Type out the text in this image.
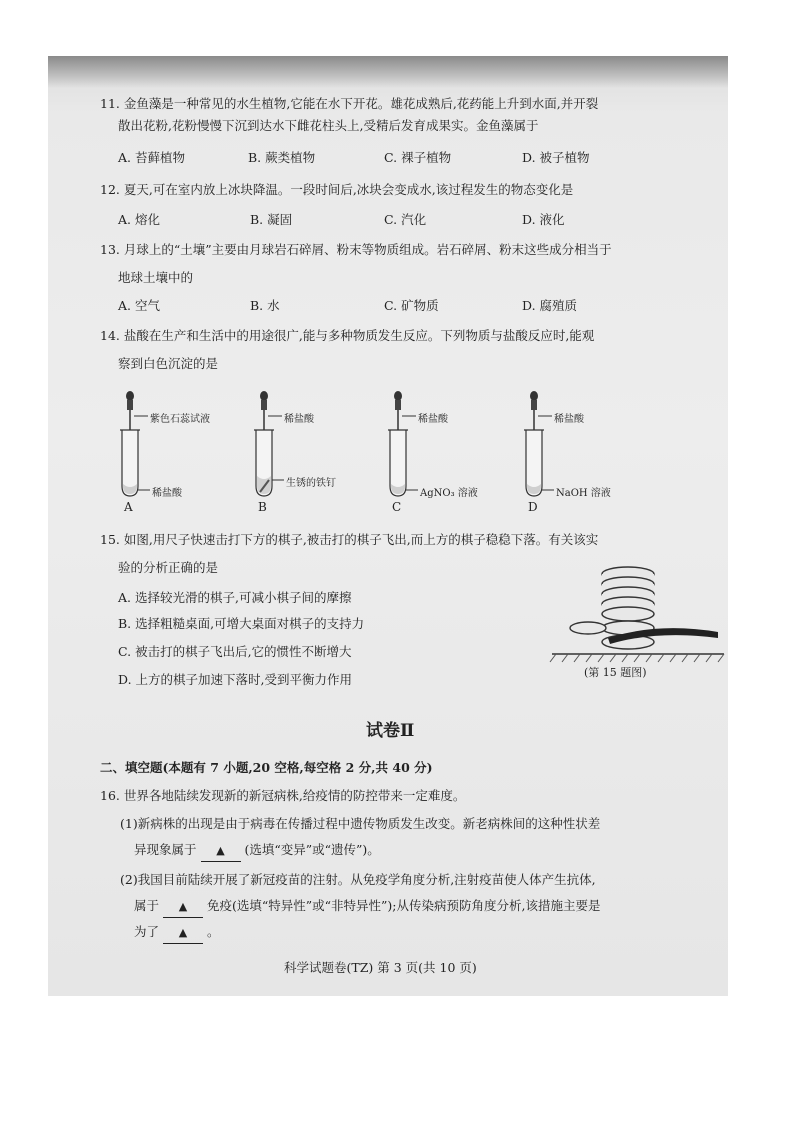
11. 金鱼藻是一种常见的水生植物,它能在水下开花。雄花成熟后,花药能上升到水面,并开裂
散出花粉,花粉慢慢下沉到达水下雌花柱头上,受精后发育成果实。金鱼藻属于
A. 苔藓植物	B. 蕨类植物	C. 裸子植物	D. 被子植物
12. 夏天,可在室内放上冰块降温。一段时间后,冰块会变成水,该过程发生的物态变化是
A. 熔化	B. 凝固	C. 汽化	D. 液化
13. 月球上的“土壤”主要由月球岩石碎屑、粉末等物质组成。岩石碎屑、粉末这些成分相当于
地球土壤中的
A. 空气	B. 水	C. 矿物质	D. 腐殖质
14. 盐酸在生产和生活中的用途很广,能与多种物质发生反应。下列物质与盐酸反应时,能观
察到白色沉淀的是
紫色石蕊试液
稀盐酸
A
稀盐酸
生锈的铁钉
B
稀盐酸
AgNO₃ 溶液
C
稀盐酸
NaOH 溶液
D
15. 如图,用尺子快速击打下方的棋子,被击打的棋子飞出,而上方的棋子稳稳下落。有关该实
验的分析正确的是
A. 选择较光滑的棋子,可减小棋子间的摩擦
B. 选择粗糙桌面,可增大桌面对棋子的支持力
C. 被击打的棋子飞出后,它的惯性不断增大
D. 上方的棋子加速下落时,受到平衡力作用	(第 15 题图)
试卷Ⅱ
二、填空题(本题有 7 小题,20 空格,每空格 2 分,共 40 分)
16. 世界各地陆续发现新的新冠病株,给疫情的防控带来一定难度。
(1)新病株的出现是由于病毒在传播过程中遗传物质发生改变。新老病株间的这种性状差
异现象属于 ▲ (选填“变异”或“遗传”)。
(2)我国目前陆续开展了新冠疫苗的注射。从免疫学角度分析,注射疫苗使人体产生抗体,
属于 ▲ 免疫(选填“特异性”或“非特异性”);从传染病预防角度分析,该措施主要是
为了 ▲ 。
科学试题卷(TZ) 第 3 页(共 10 页)
